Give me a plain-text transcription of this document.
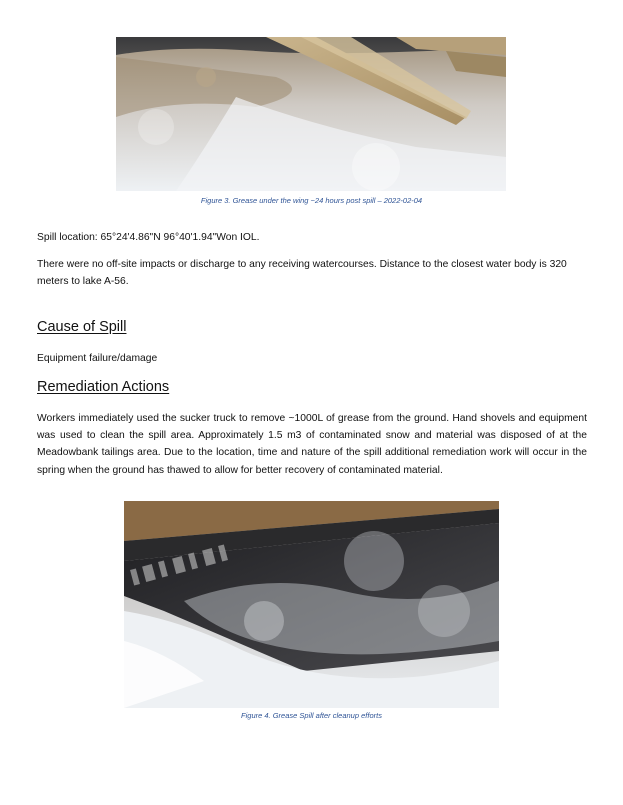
Figure 3. Grease under the wing ~24 hours post spill – 2022-02-04

Spill location: 65°24'4.86"N 96°40'1.94"Won IOL.

There were no off-site impacts or discharge to any receiving watercourses. Distance to the closest water body is 320 meters to lake A-56.

Cause of Spill

Equipment failure/damage

Remediation Actions

Workers immediately used the sucker truck to remove ~1000L of grease from the ground. Hand shovels and equipment was used to clean the spill area. Approximately 1.5 m3 of contaminated snow and material was disposed of at the Meadowbank tailings area. Due to the location, time and nature of the spill additional remediation work will occur in the spring when the ground has thawed to allow for better recovery of contaminated material.

Figure 4. Grease Spill after cleanup efforts
